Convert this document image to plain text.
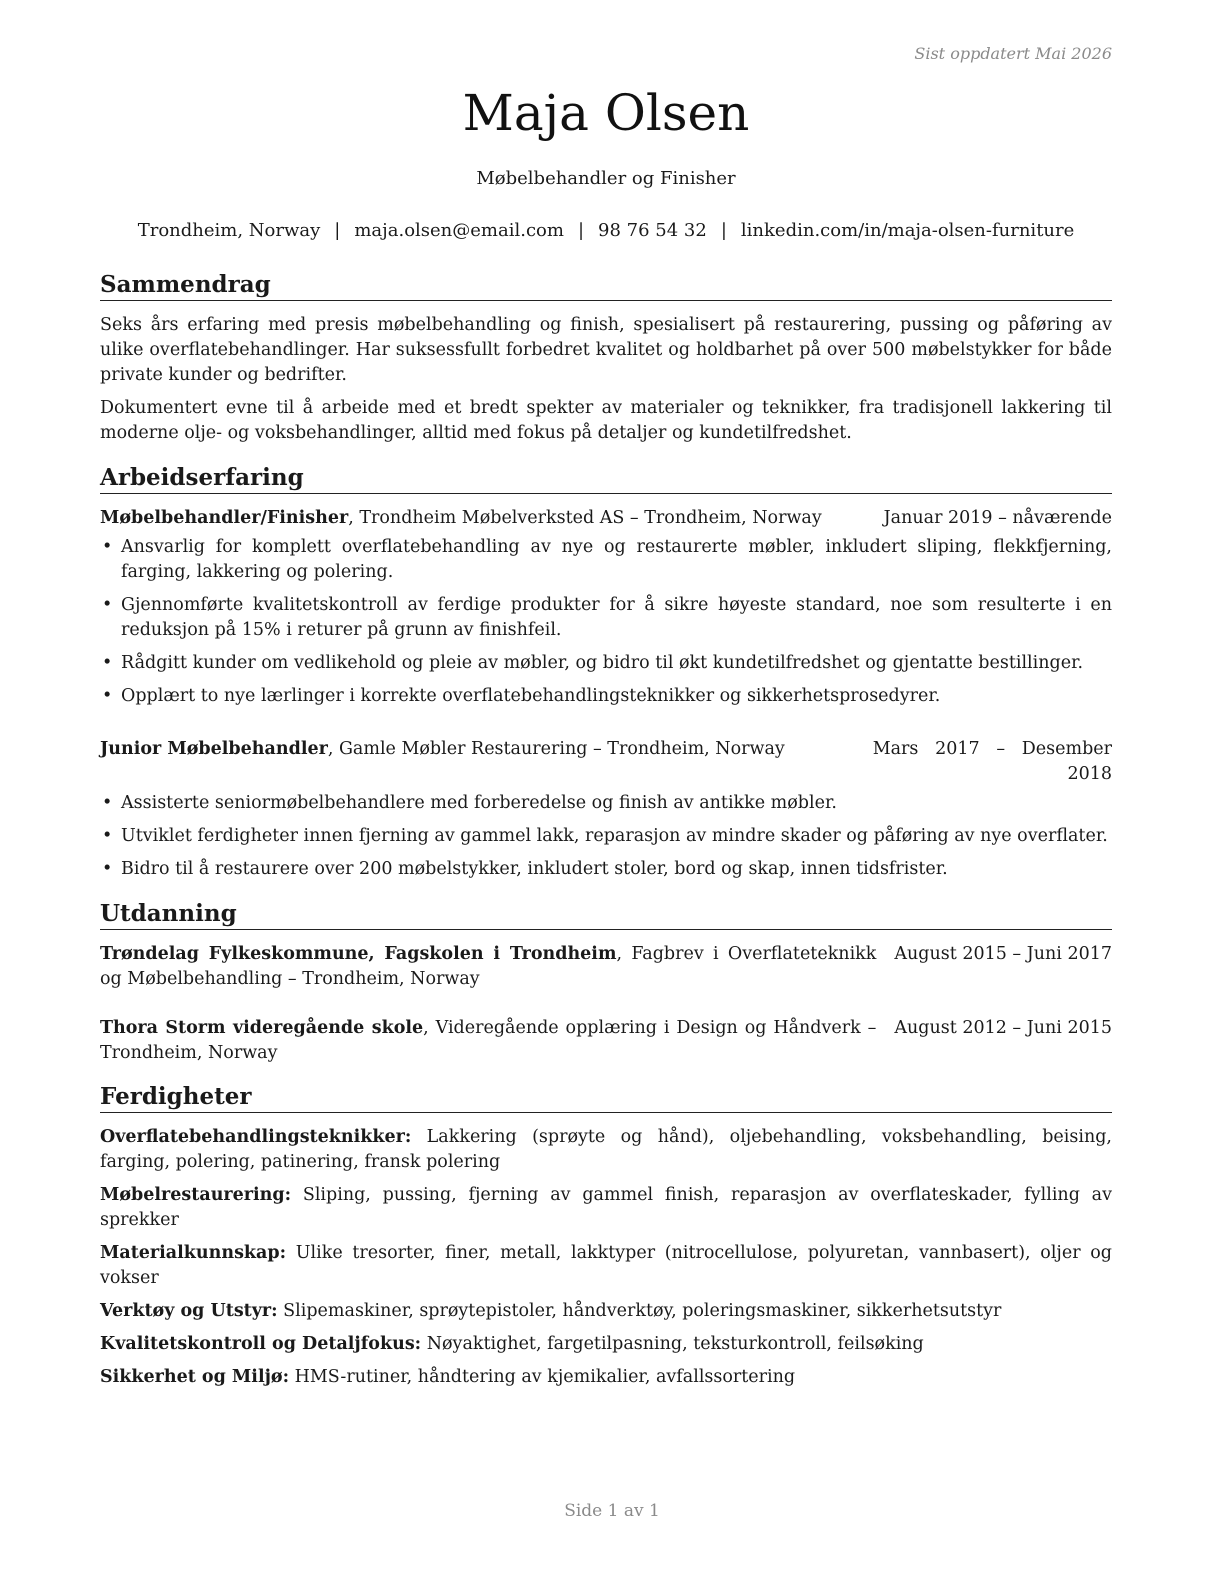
Sist oppdatert Mai 2026
Maja Olsen
Møbelbehandler og Finisher
Trondheim, Norway | maja.olsen@email.com | 98 76 54 32 | linkedin.com/in/maja-olsen-furniture
Sammendrag

Seks års erfaring med presis møbelbehandling og finish, spesialisert på restaurering, pussing og påføring av ulike overflatebehandlinger. Har suksessfullt forbedret kvalitet og holdbarhet på over 500 møbelstykker for både private kunder og bedrifter.

Dokumentert evne til å arbeide med et bredt spekter av materialer og teknikker, fra tradisjonell lakkering til moderne olje- og voksbehandlinger, alltid med fokus på detaljer og kundetilfredshet.

Arbeidserfaring
Møbelbehandler/Finisher, Trondheim Møbelverksted AS – Trondheim, Norway	Januar 2019 – nåværende
• Ansvarlig for komplett overflatebehandling av nye og restaurerte møbler, inkludert sliping, flekkfjerning, farging, lakkering og polering.
• Gjennomførte kvalitetskontroll av ferdige produkter for å sikre høyeste standard, noe som resulterte i en reduksjon på 15% i returer på grunn av finishfeil.
• Rådgitt kunder om vedlikehold og pleie av møbler, og bidro til økt kundetilfredshet og gjentatte bestillinger.
• Opplært to nye lærlinger i korrekte overflatebehandlingsteknikker og sikkerhetsprosedyrer.
Junior Møbelbehandler, Gamle Møbler Restaurering – Trondheim, Norway	Mars   2017   –   Desember
2018
• Assisterte seniormøbelbehandlere med forberedelse og finish av antikke møbler.
• Utviklet ferdigheter innen fjerning av gammel lakk, reparasjon av mindre skader og påføring av nye overflater.
• Bidro til å restaurere over 200 møbelstykker, inkludert stoler, bord og skap, innen tidsfrister.
Utdanning
Trøndelag Fylkeskommune, Fagskolen i Trondheim, Fagbrev i Overflateteknikk og Møbelbehandling – Trondheim, Norway
August 2015 – Juni 2017
Thora Storm videregående skole, Videregående opplæring i Design og Håndverk – Trondheim, Norway
August 2012 – Juni 2015
Ferdigheter
Overflatebehandlingsteknikker: Lakkering (sprøyte og hånd), oljebehandling, voksbehandling, beising, farging, polering, patinering, fransk polering
Møbelrestaurering: Sliping, pussing, fjerning av gammel finish, reparasjon av overflateskader, fylling av sprekker
Materialkunnskap: Ulike tresorter, finer, metall, lakktyper (nitrocellulose, polyuretan, vannbasert), oljer og vokser
Verktøy og Utstyr: Slipemaskiner, sprøytepistoler, håndverktøy, poleringsmaskiner, sikkerhetsutstyr
Kvalitetskontroll og Detaljfokus: Nøyaktighet, fargetilpasning, teksturkontroll, feilsøking
Sikkerhet og Miljø: HMS-rutiner, håndtering av kjemikalier, avfallssortering
Side 1 av 1
